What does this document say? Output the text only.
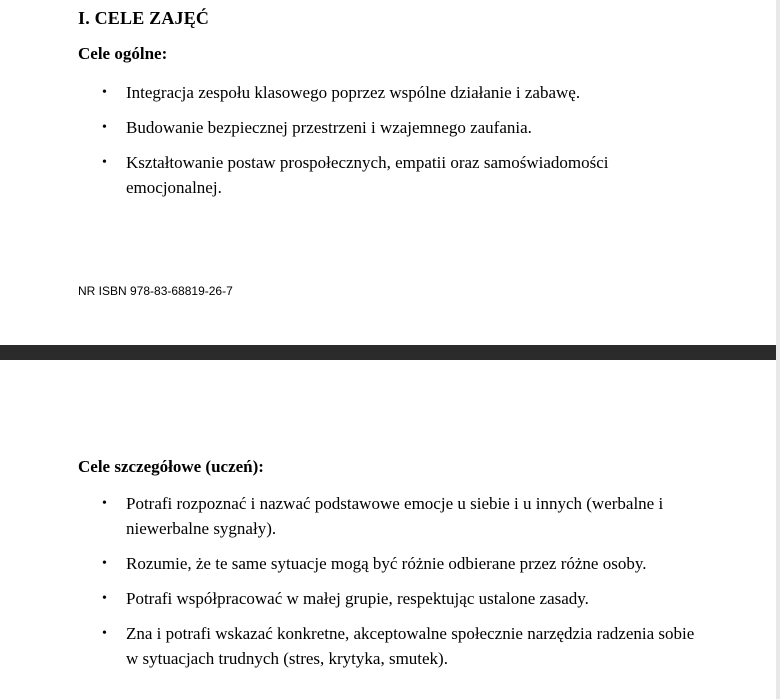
I. CELE ZAJĘĆ
Cele ogólne:
• Integracja zespołu klasowego poprzez wspólne działanie i zabawę.
• Budowanie bezpiecznej przestrzeni i wzajemnego zaufania.
• Kształtowanie postaw prospołecznych, empatii oraz samoświadomości emocjonalnej.

NR ISBN 978-83-68819-26-7

Cele szczegółowe (uczeń):
• Potrafi rozpoznać i nazwać podstawowe emocje u siebie i u innych (werbalne i niewerbalne sygnały).
• Rozumie, że te same sytuacje mogą być różnie odbierane przez różne osoby.
• Potrafi współpracować w małej grupie, respektując ustalone zasady.
• Zna i potrafi wskazać konkretne, akceptowalne społecznie narzędzia radzenia sobie w sytuacjach trudnych (stres, krytyka, smutek).
